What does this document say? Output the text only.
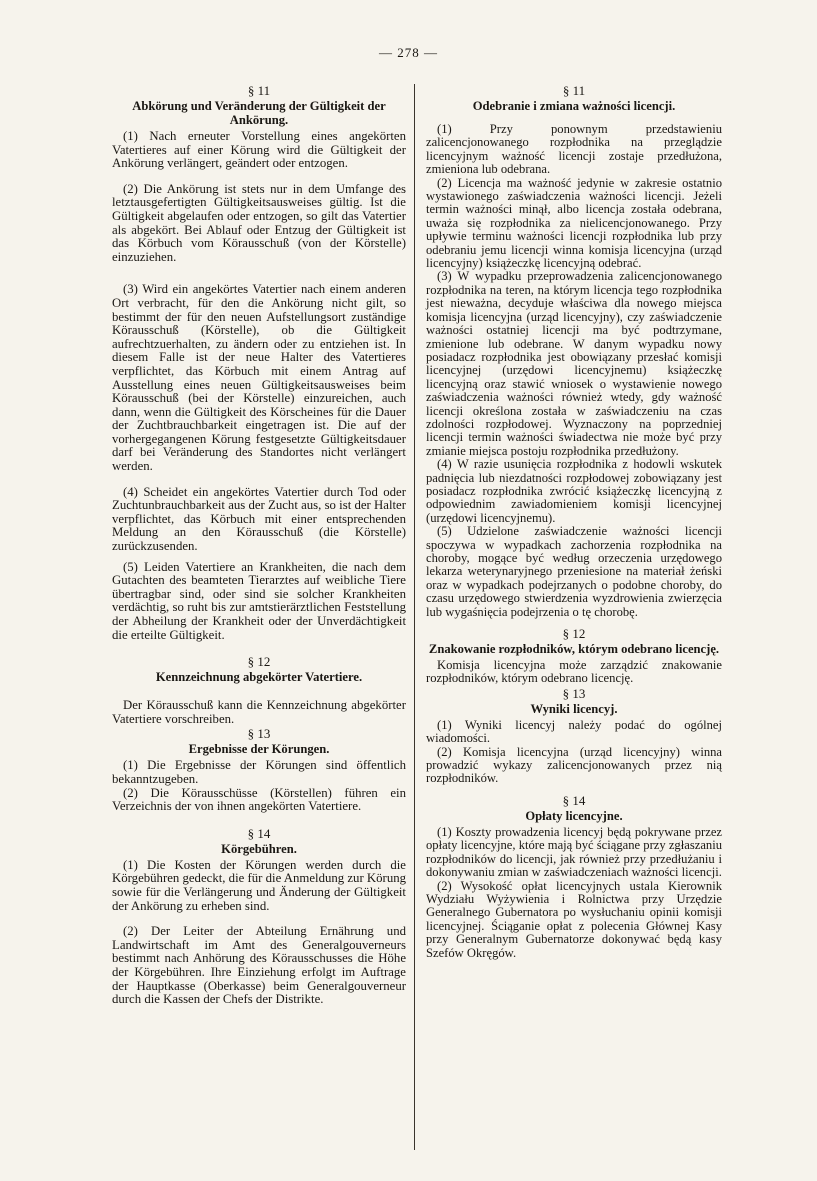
— 278 —

§ 11

Abkörung und Veränderung der Gültigkeit der Ankörung.

(1) Nach erneuter Vorstellung eines angekörten Vatertieres auf einer Körung wird die Gültigkeit der Ankörung verlängert, geändert oder entzogen.

(2) Die Ankörung ist stets nur in dem Umfange des letztausgefertigten Gültigkeitsausweises gültig. Ist die Gültigkeit abgelaufen oder entzogen, so gilt das Vatertier als abgekört. Bei Ablauf oder Entzug der Gültigkeit ist das Körbuch vom Körausschuß (von der Körstelle) einzuziehen.

(3) Wird ein angekörtes Vatertier nach einem anderen Ort verbracht, für den die Ankörung nicht gilt, so bestimmt der für den neuen Aufstellungsort zuständige Körausschuß (Körstelle), ob die Gültigkeit aufrechtzuerhalten, zu ändern oder zu entziehen ist. In diesem Falle ist der neue Halter des Vatertieres verpflichtet, das Körbuch mit einem Antrag auf Ausstellung eines neuen Gültigkeitsausweises beim Körausschuß (bei der Körstelle) einzureichen, auch dann, wenn die Gültigkeit des Körscheines für die Dauer der Zuchtbrauchbarkeit eingetragen ist. Die auf der vorhergegangenen Körung festgesetzte Gültigkeitsdauer darf bei Veränderung des Standortes nicht verlängert werden.

(4) Scheidet ein angekörtes Vatertier durch Tod oder Zuchtunbrauchbarkeit aus der Zucht aus, so ist der Halter verpflichtet, das Körbuch mit einer entsprechenden Meldung an den Körausschuß (die Körstelle) zurückzusenden.

(5) Leiden Vatertiere an Krankheiten, die nach dem Gutachten des beamteten Tierarztes auf weibliche Tiere übertragbar sind, oder sind sie solcher Krankheiten verdächtig, so ruht bis zur amtstierärztlichen Feststellung der Abheilung der Krankheit oder der Unverdächtigkeit die erteilte Gültigkeit.

§ 12

Kennzeichnung abgekörter Vatertiere.

Der Körausschuß kann die Kennzeichnung abgekörter Vatertiere vorschreiben.

§ 13

Ergebnisse der Körungen.

(1) Die Ergebnisse der Körungen sind öffentlich bekanntzugeben.

(2) Die Körausschüsse (Körstellen) führen ein Verzeichnis der von ihnen angekörten Vatertiere.

§ 14

Körgebühren.

(1) Die Kosten der Körungen werden durch die Körgebühren gedeckt, die für die Anmeldung zur Körung sowie für die Verlängerung und Änderung der Gültigkeit der Ankörung zu erheben sind.

(2) Der Leiter der Abteilung Ernährung und Landwirtschaft im Amt des Generalgouverneurs bestimmt nach Anhörung des Körausschusses die Höhe der Körgebühren. Ihre Einziehung erfolgt im Auftrage der Hauptkasse (Oberkasse) beim Generalgouverneur durch die Kassen der Chefs der Distrikte.

§ 11

Odebranie i zmiana ważności licencji.

(1) Przy ponownym przedstawieniu zalicencjonowanego rozpłodnika na przeglądzie licencyjnym ważność licencji zostaje przedłużona, zmieniona lub odebrana.

(2) Licencja ma ważność jedynie w zakresie ostatnio wystawionego zaświadczenia ważności licencji. Jeżeli termin ważności minął, albo licencja została odebrana, uważa się rozpłodnika za nielicencjonowanego. Przy upływie terminu ważności licencji rozpłodnika lub przy odebraniu jemu licencji winna komisja licencyjna (urząd licencyjny) książeczkę licencyjną odebrać.

(3) W wypadku przeprowadzenia zalicencjonowanego rozpłodnika na teren, na którym licencja tego rozpłodnika jest nieważna, decyduje właściwa dla nowego miejsca komisja licencyjna (urząd licencyjny), czy zaświadczenie ważności ostatniej licencji ma być podtrzymane, zmienione lub odebrane. W danym wypadku nowy posiadacz rozpłodnika jest obowiązany przesłać komisji licencyjnej (urzędowi licencyjnemu) książeczkę licencyjną oraz stawić wniosek o wystawienie nowego zaświadczenia ważności również wtedy, gdy ważność licencji określona została w zaświadczeniu na czas zdolności rozpłodowej. Wyznaczony na poprzedniej licencji termin ważności świadectwa nie może być przy zmianie miejsca postoju rozpłodnika przedłużony.

(4) W razie usunięcia rozpłodnika z hodowli wskutek padnięcia lub niezdatności rozpłodowej zobowiązany jest posiadacz rozpłodnika zwrócić książeczkę licencyjną z odpowiednim zawiadomieniem komisji licencyjnej (urzędowi licencyjnemu).

(5) Udzielone zaświadczenie ważności licencji spoczywa w wypadkach zachorzenia rozpłodnika na choroby, mogące być według orzeczenia urzędowego lekarza weterynaryjnego przeniesione na materiał żeński oraz w wypadkach podejrzanych o podobne choroby, do czasu urzędowego stwierdzenia wyzdrowienia zwierzęcia lub wygaśnięcia podejrzenia o tę chorobę.

§ 12

Znakowanie rozpłodników, którym odebrano licencję.

Komisja licencyjna może zarządzić znakowanie rozpłodników, którym odebrano licencję.

§ 13

Wyniki licencyj.

(1) Wyniki licencyj należy podać do ogólnej wiadomości.

(2) Komisja licencyjna (urząd licencyjny) winna prowadzić wykazy zalicencjonowanych przez nią rozpłodników.

§ 14

Opłaty licencyjne.

(1) Koszty prowadzenia licencyj będą pokrywane przez opłaty licencyjne, które mają być ściągane przy zgłaszaniu rozpłodników do licencji, jak również przy przedłużaniu i dokonywaniu zmian w zaświadczeniach ważności licencji.

(2) Wysokość opłat licencyjnych ustala Kierownik Wydziału Wyżywienia i Rolnictwa przy Urzędzie Generalnego Gubernatora po wysłuchaniu opinii komisji licencyjnej. Ściąganie opłat z polecenia Głównej Kasy przy Generalnym Gubernatorze dokonywać będą kasy Szefów Okręgów.
